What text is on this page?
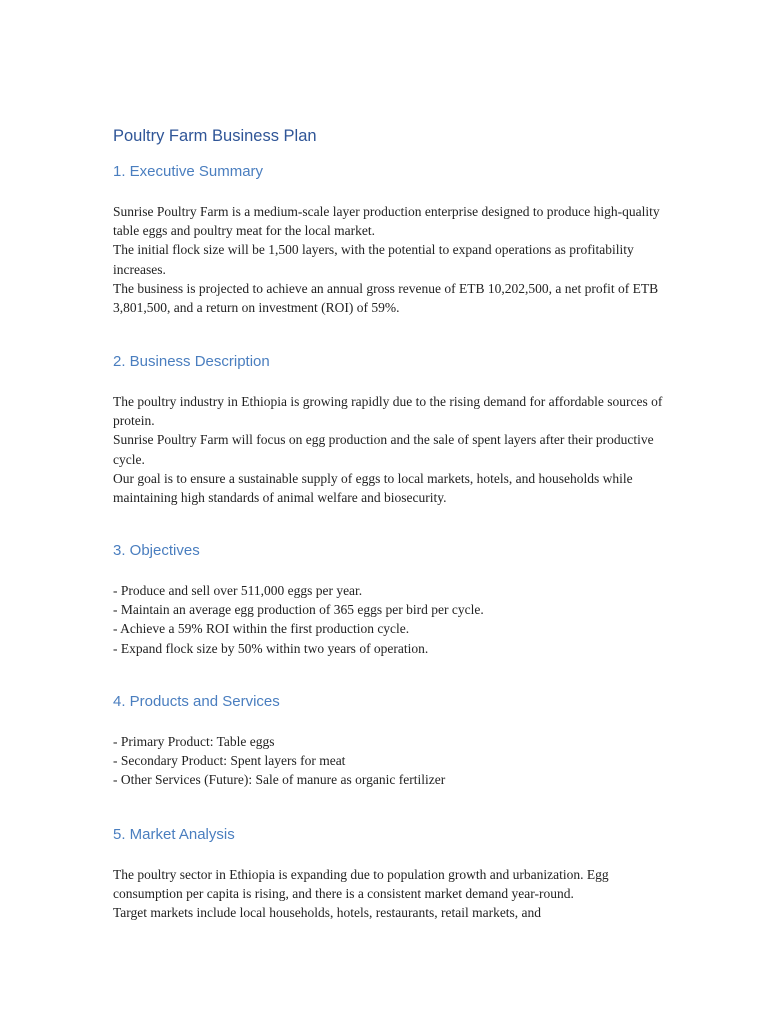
Poultry Farm Business Plan
1. Executive Summary

Sunrise Poultry Farm is a medium-scale layer production enterprise designed to produce high-quality table eggs and poultry meat for the local market.

The initial flock size will be 1,500 layers, with the potential to expand operations as profitability increases.

The business is projected to achieve an annual gross revenue of ETB 10,202,500, a net profit of ETB 3,801,500, and a return on investment (ROI) of 59%.

2. Business Description

The poultry industry in Ethiopia is growing rapidly due to the rising demand for affordable sources of protein.

Sunrise Poultry Farm will focus on egg production and the sale of spent layers after their productive cycle.

Our goal is to ensure a sustainable supply of eggs to local markets, hotels, and households while maintaining high standards of animal welfare and biosecurity.

3. Objectives

- Produce and sell over 511,000 eggs per year.

- Maintain an average egg production of 365 eggs per bird per cycle.

- Achieve a 59% ROI within the first production cycle.

- Expand flock size by 50% within two years of operation.

4. Products and Services

- Primary Product: Table eggs

- Secondary Product: Spent layers for meat

- Other Services (Future): Sale of manure as organic fertilizer

5. Market Analysis

The poultry sector in Ethiopia is expanding due to population growth and urbanization. Egg consumption per capita is rising, and there is a consistent market demand year-round.

Target markets include local households, hotels, restaurants, retail markets, and
